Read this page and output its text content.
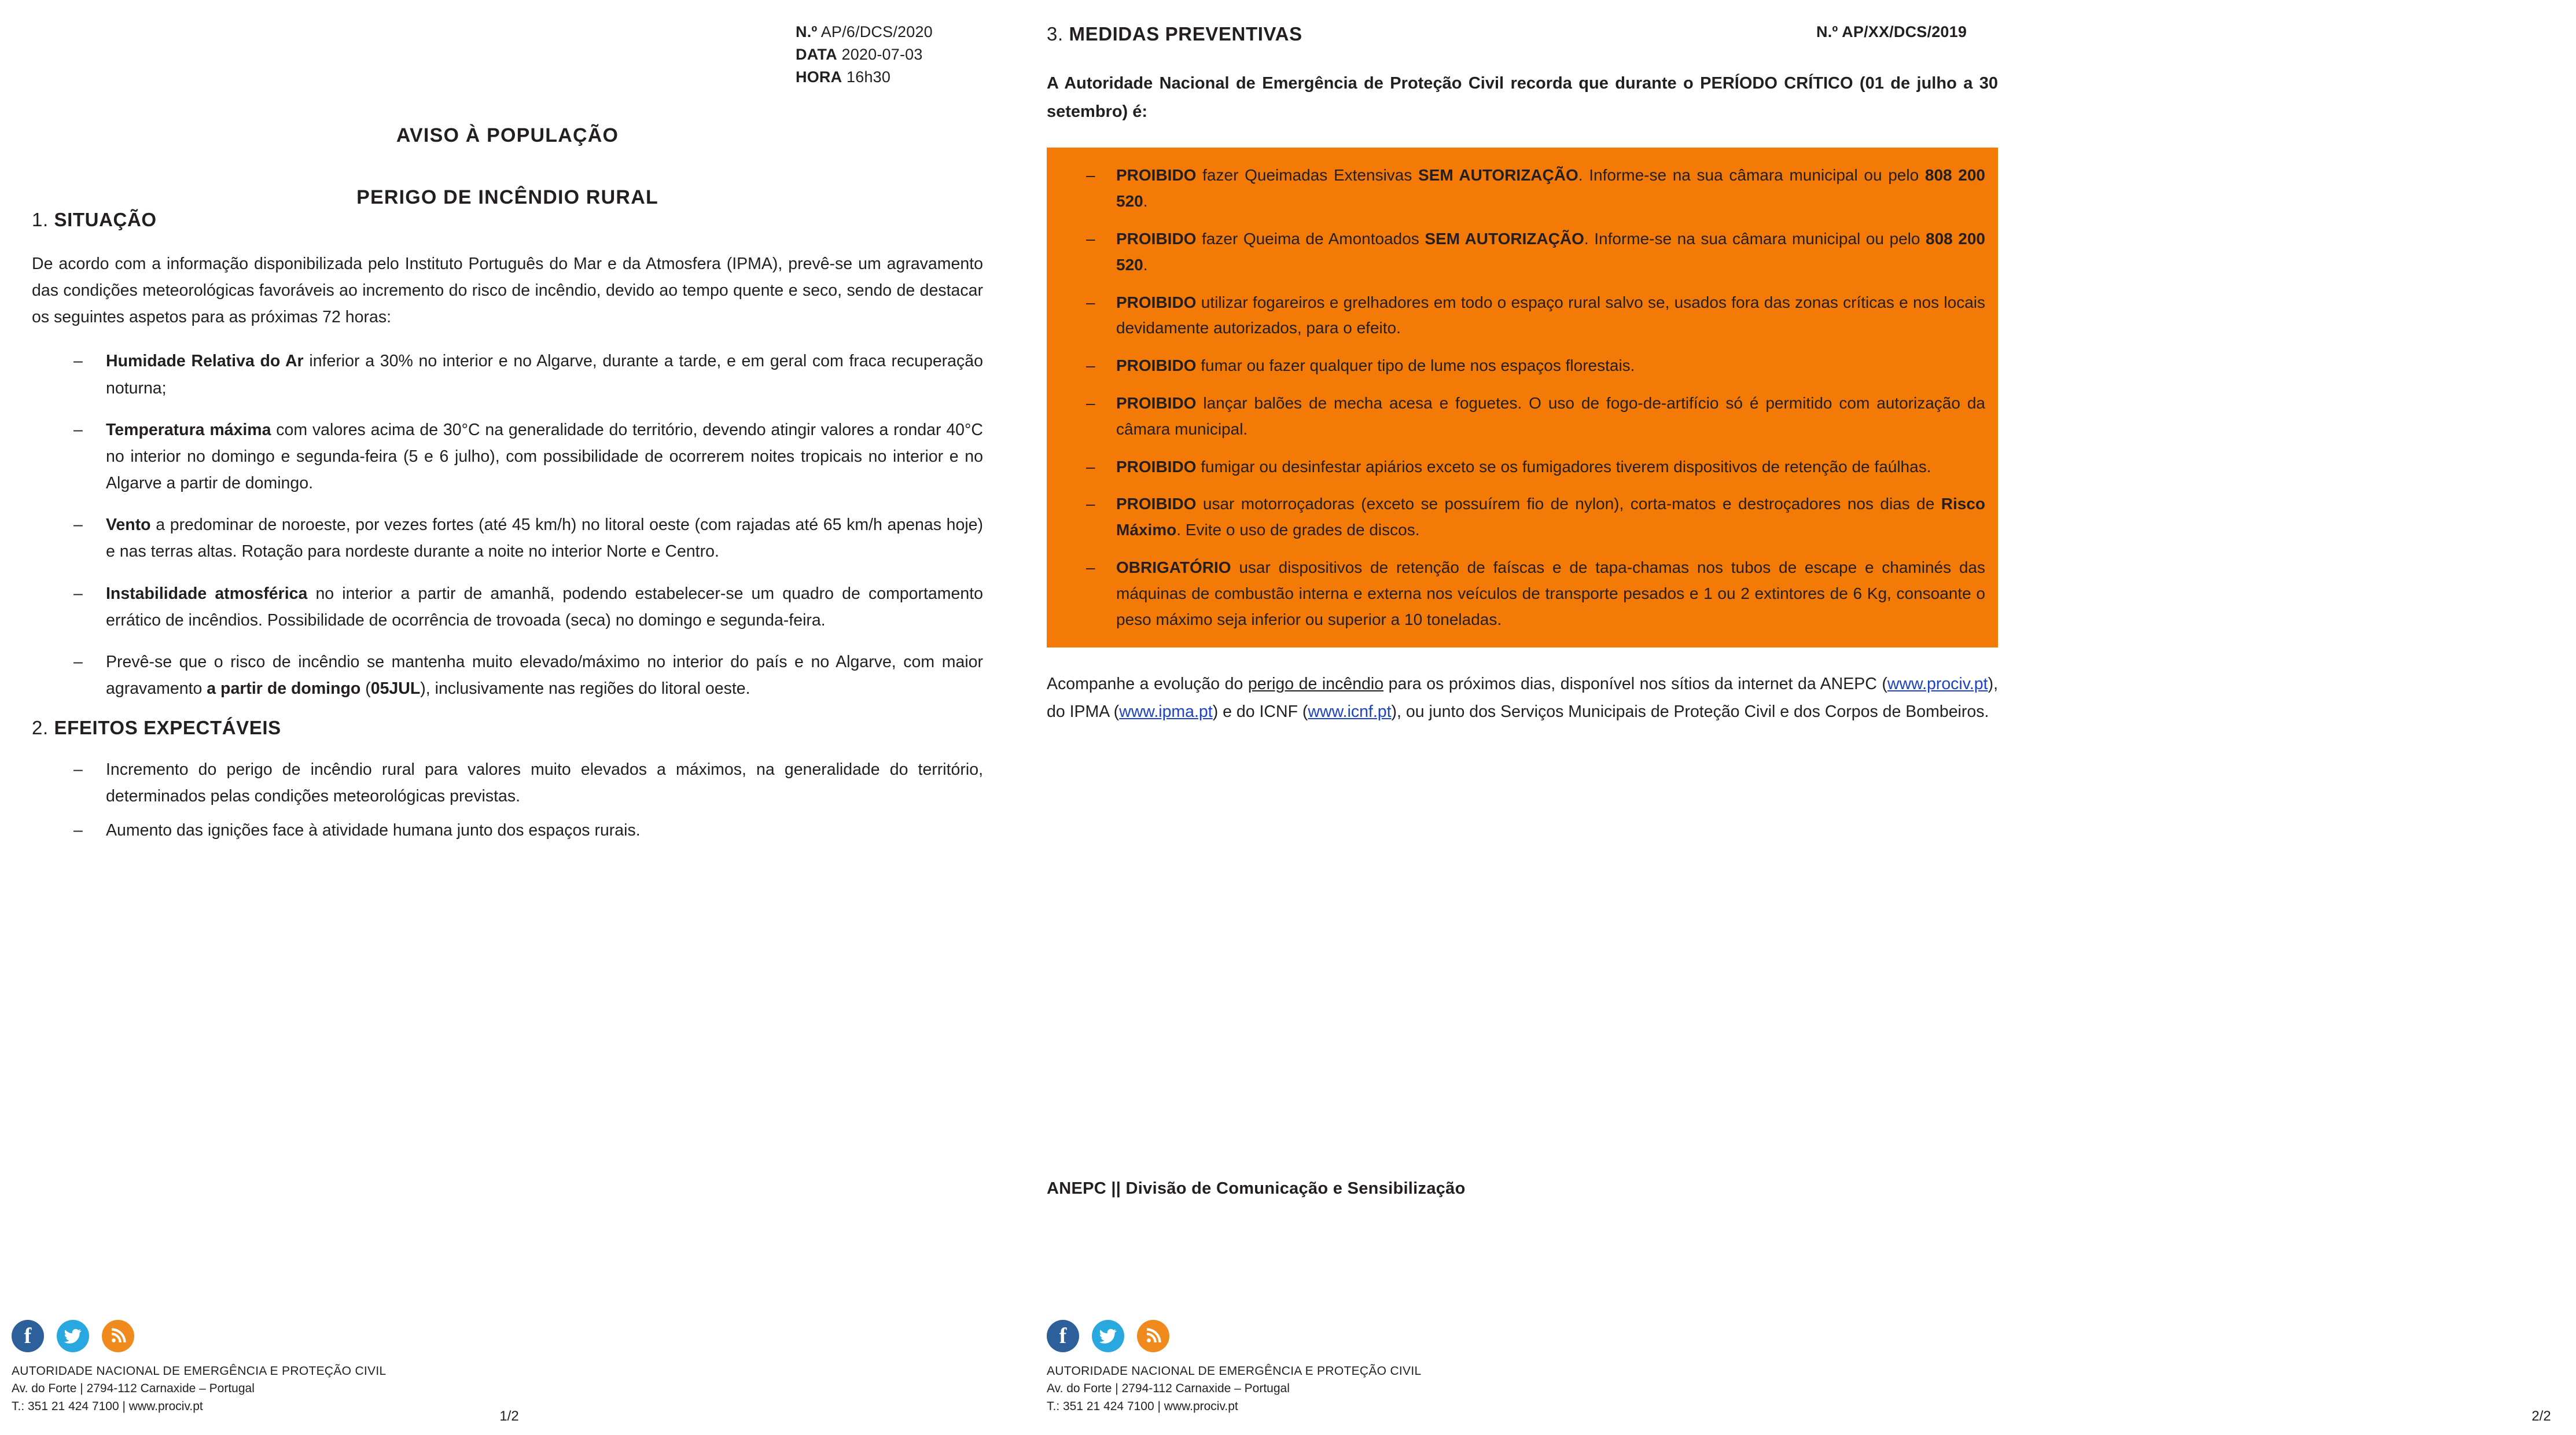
N.º AP/6/DCS/2020
DATA 2020-07-03
HORA 16h30
AVISO À POPULAÇÃO
PERIGO DE INCÊNDIO RURAL
1. SITUAÇÃO

De acordo com a informação disponibilizada pelo Instituto Português do Mar e da Atmosfera (IPMA), prevê-se um agravamento das condições meteorológicas favoráveis ao incremento do risco de incêndio, devido ao tempo quente e seco, sendo de destacar os seguintes aspetos para as próximas 72 horas:

– Humidade Relativa do Ar inferior a 30% no interior e no Algarve, durante a tarde, e em geral com fraca recuperação noturna;
– Temperatura máxima com valores acima de 30°C na generalidade do território, devendo atingir valores a rondar 40°C no interior no domingo e segunda-feira (5 e 6 julho), com possibilidade de ocorrerem noites tropicais no interior e no Algarve a partir de domingo.
– Vento a predominar de noroeste, por vezes fortes (até 45 km/h) no litoral oeste (com rajadas até 65 km/h apenas hoje) e nas terras altas. Rotação para nordeste durante a noite no interior Norte e Centro.
– Instabilidade atmosférica no interior a partir de amanhã, podendo estabelecer-se um quadro de comportamento errático de incêndios. Possibilidade de ocorrência de trovoada (seca) no domingo e segunda-feira.
– Prevê-se que o risco de incêndio se mantenha muito elevado/máximo no interior do país e no Algarve, com maior agravamento a partir de domingo (05JUL), inclusivamente nas regiões do litoral oeste.
2. EFEITOS EXPECTÁVEIS
– Incremento do perigo de incêndio rural para valores muito elevados a máximos, na generalidade do território, determinados pelas condições meteorológicas previstas.
– Aumento das ignições face à atividade humana junto dos espaços rurais.
f
AUTORIDADE NACIONAL DE EMERGÊNCIA E PROTEÇÃO CIVIL
Av. do Forte | 2794-112 Carnaxide – Portugal
T.: 351 21 424 7100 | www.prociv.pt
1/2
N.º AP/XX/DCS/2019
3. MEDIDAS PREVENTIVAS

A Autoridade Nacional de Emergência de Proteção Civil recorda que durante o PERÍODO CRÍTICO (01 de julho a 30 setembro) é:

– PROIBIDO fazer Queimadas Extensivas SEM AUTORIZAÇÃO. Informe-se na sua câmara municipal ou pelo 808 200 520.
– PROIBIDO fazer Queima de Amontoados SEM AUTORIZAÇÃO. Informe-se na sua câmara municipal ou pelo 808 200 520.
– PROIBIDO utilizar fogareiros e grelhadores em todo o espaço rural salvo se, usados fora das zonas críticas e nos locais devidamente autorizados, para o efeito.
– PROIBIDO fumar ou fazer qualquer tipo de lume nos espaços florestais.
– PROIBIDO lançar balões de mecha acesa e foguetes. O uso de fogo-de-artifício só é permitido com autorização da câmara municipal.
– PROIBIDO fumigar ou desinfestar apiários exceto se os fumigadores tiverem dispositivos de retenção de faúlhas.
– PROIBIDO usar motorroçadoras (exceto se possuírem fio de nylon), corta-matos e destroçadores nos dias de Risco Máximo. Evite o uso de grades de discos.
– OBRIGATÓRIO usar dispositivos de retenção de faíscas e de tapa-chamas nos tubos de escape e chaminés das máquinas de combustão interna e externa nos veículos de transporte pesados e 1 ou 2 extintores de 6 Kg, consoante o peso máximo seja inferior ou superior a 10 toneladas.

Acompanhe a evolução do perigo de incêndio para os próximos dias, disponível nos sítios da internet da ANEPC (www.prociv.pt), do IPMA (www.ipma.pt) e do ICNF (www.icnf.pt), ou junto dos Serviços Municipais de Proteção Civil e dos Corpos de Bombeiros.

ANEPC || Divisão de Comunicação e Sensibilização

f
AUTORIDADE NACIONAL DE EMERGÊNCIA E PROTEÇÃO CIVIL
Av. do Forte | 2794-112 Carnaxide – Portugal
T.: 351 21 424 7100 | www.prociv.pt
2/2
